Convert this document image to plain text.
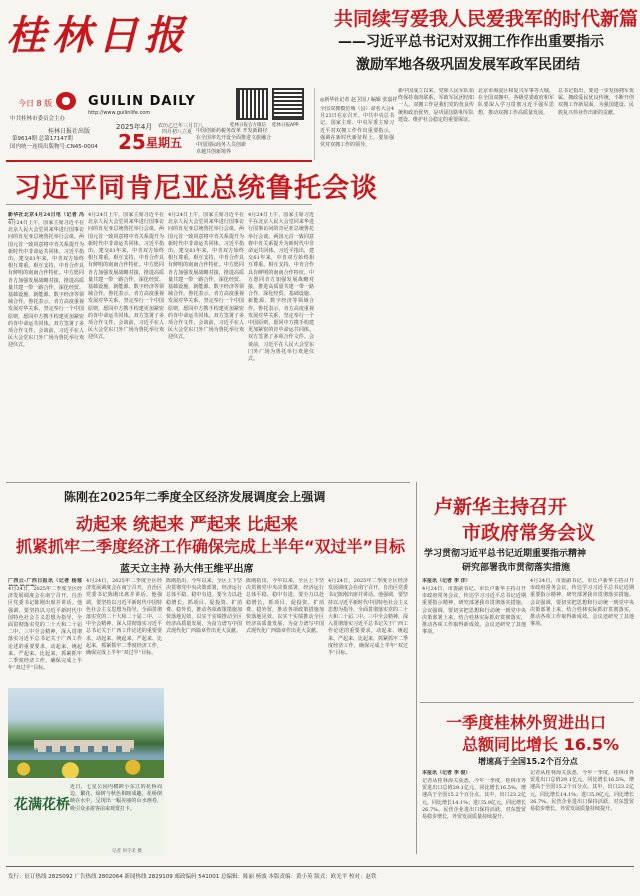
桂林日报
今日 8 版
中共桂林市委员会主办
GUILIN DAILY
http://www.guilinlife.com
桂林日报社出版
第9614期 总第17147期
国内统一连续出版物号:CN45-0004
2025年4月
25 星期五
农历乙巳年三月廿八
四月初八立夏
桂林日报官方微信 桂林日报APP
中国创新药税务改革 开发新路径
在全国率先开设全面推进文旅融合
中国国际商务人员创新
卓越共创新境界
共同续写爱我人民爱我军的时代新篇
——习近平总书记对双拥工作作出重要指示
激励军地各级巩固发展军政军民团结
◎新华社记者 赵卫国 / 编辑 张嘉祥
全国双拥模范城（县）命名大会4月23日在京召开。中共中央总书记、国家主席、中央军委主席习近平对双拥工作作出重要指示，强调在新时代新征程上，要加强党对双拥工作的领导。
新中国成立以来，党和人民军队始终保持血肉联系，军政军民团结如一人。双拥工作是我们党的优良传统和政治优势，是巩固国防和军队建设、维护社会稳定的重要保证。
北京市海淀区和复兴军事等大城，在全国双拥中。各级党委政府和军队要深入学习贯彻习近平强军思想，推动双拥工作高质量发展。
总书记指出，要进一步发扬拥军优属、拥政爱民优良传统，不断开创双拥工作新局面，为强国建设、民族复兴伟业作出新的贡献。
习近平同肯尼亚总统鲁托会谈
新华社北京4月24日电（记者 冯
4月24日上午，国家主席习近平在北京人民大会堂同来华进行国事访问的肯尼亚总统鲁托举行会谈。两国元首一致同意将中肯关系提升为新时代中非命运共同体。习近平指出，建交61年来，中肯双方始终相互尊重、相互支持，中肯合作具有鲜明的南南合作特征。中方愿同肯方加强发展战略对接，推进高质量共建一带一路合作，深化经贸、基础设施、新能源、数字经济等领域合作。鲁托表示，肯方高度重视发展对华关系，坚定奉行一个中国原则，愿同中方携手构建更加紧密的肯中命运共同体。双方签署了多项合作文件。会谈前，习近平在人民大会堂东门外广场为鲁托举行欢迎仪式。
4月24日上午，国家主席习近平在北京人民大会堂同来华进行国事访问的肯尼亚总统鲁托举行会谈。两国元首一致同意将中肯关系提升为新时代中非命运共同体。习近平指出，建交61年来，中肯双方始终相互尊重、相互支持，中肯合作具有鲜明的南南合作特征。中方愿同肯方加强发展战略对接，推进高质量共建一带一路合作，深化经贸、基础设施、新能源、数字经济等领域合作。鲁托表示，肯方高度重视发展对华关系，坚定奉行一个中国原则，愿同中方携手构建更加紧密的肯中命运共同体。双方签署了多项合作文件。会谈前，习近平在人民大会堂东门外广场为鲁托举行欢迎仪式。
4月24日上午，国家主席习近平在北京人民大会堂同来华进行国事访问的肯尼亚总统鲁托举行会谈。两国元首一致同意将中肯关系提升为新时代中非命运共同体。习近平指出，建交61年来，中肯双方始终相互尊重、相互支持，中肯合作具有鲜明的南南合作特征。中方愿同肯方加强发展战略对接，推进高质量共建一带一路合作，深化经贸、基础设施、新能源、数字经济等领域合作。鲁托表示，肯方高度重视发展对华关系，坚定奉行一个中国原则，愿同中方携手构建更加紧密的肯中命运共同体。双方签署了多项合作文件。会谈前，习近平在人民大会堂东门外广场为鲁托举行欢迎仪式。
4月24日上午，国家主席习近平在北京人民大会堂同来华进行国事访问的肯尼亚总统鲁托举行会谈。两国元首一致同意将中肯关系提升为新时代中非命运共同体。习近平指出，建交61年来，中肯双方始终相互尊重、相互支持，中肯合作具有鲜明的南南合作特征。中方愿同肯方加强发展战略对接，推进高质量共建一带一路合作，深化经贸、基础设施、新能源、数字经济等领域合作。鲁托表示，肯方高度重视发展对华关系，坚定奉行一个中国原则，愿同中方携手构建更加紧密的肯中命运共同体。双方签署了多项合作文件。会谈前，习近平在人民大会堂东门外广场为鲁托举行欢迎仪式。
陈刚在2025年二季度全区经济发展调度会上强调
动起来 统起来 严起来 比起来
抓紧抓牢二季度经济工作确保完成上半年“双过半”目标
蓝天立主持 孙大伟王维平出席
广西云-广西日报讯（记者 杨郁
4月24日，2025年二季度全区经济发展调度会在南宁召开，自治区党委书记陈刚出席并讲话。他强调，要坚持以习近平新时代中国特色社会主义思想为指导，全面贯彻落实党的二十大和二十届二中、三中全会精神，深入贯彻落实习近平总书记关于广西工作论述的重要要求，动起来、统起来、严起来、比起来，抓紧抓牢二季度经济工作，确保完成上半年“双过半”目标。
4月24日，2025年二季度全区经济发展调度会在南宁召开，自治区党委书记陈刚出席并讲话。他强调，要坚持以习近平新时代中国特色社会主义思想为指导，全面贯彻落实党的二十大和二十届二中、三中全会精神，深入贯彻落实习近平总书记关于广西工作论述的重要要求，动起来、统起来、严起来、比起来，抓紧抓牢二季度经济工作，确保完成上半年“双过半”目标。
陈刚指出，今年以来，全区上下坚决贯彻党中央决策部署，经济运行总体平稳、稳中有进。要全力以赴稳增长，抓项目、促投资、扩消费、稳外贸，推动各项政策措施加快落地见效，以实干实绩推动全区经济高质量发展，为奋力谱写中国式现代化广西篇章作出更大贡献。
陈刚指出，今年以来，全区上下坚决贯彻党中央决策部署，经济运行总体平稳、稳中有进。要全力以赴稳增长，抓项目、促投资、扩消费、稳外贸，推动各项政策措施加快落地见效，以实干实绩推动全区经济高质量发展，为奋力谱写中国式现代化广西篇章作出更大贡献。
4月24日，2025年二季度全区经济发展调度会在南宁召开，自治区党委书记陈刚出席并讲话。他强调，要坚持以习近平新时代中国特色社会主义思想为指导，全面贯彻落实党的二十大和二十届二中、三中全会精神，深入贯彻落实习近平总书记关于广西工作论述的重要要求，动起来、统起来、严起来、比起来，抓紧抓牢二季度经济工作，确保完成上半年“双过半”目标。
花满花桥
近日，七星公园内横跨小东江的花桥周边，繁花、绿树与秋色相映成趣，花桥倒映在水中，呈现出一幅美丽的山水画卷，吸引众多游客前来观赏打卡。
记者 何千禾 摄
卢新华主持召开
市政府常务会议
学习贯彻习近平总书记近期重要指示精神
研究部署我市贯彻落实措施
本报讯（记者 李 洋）
4月24日，市委副书记、市长卢新华主持召开市政府常务会议，传达学习习近平总书记近期重要指示精神，研究部署我市贯彻落实措施。会议强调，要切实把思想和行动统一到党中央决策部署上来，结合桂林实际抓好贯彻落实，推动各项工作取得新成效。会议还研究了其他事项。
4月24日，市委副书记、市长卢新华主持召开市政府常务会议，传达学习习近平总书记近期重要指示精神，研究部署我市贯彻落实措施。会议强调，要切实把思想和行动统一到党中央决策部署上来，结合桂林实际抓好贯彻落实，推动各项工作取得新成效。会议还研究了其他事项。
一季度桂林外贸进出口
总额同比增长 16.5%
增速高于全国15.2个百分点
本报讯（记者 李 俊）
记者从桂林海关获悉，今年一季度，桂林市外贸进出口总值29.1亿元，同比增长16.5%，增速高于全国15.2个百分点。其中，出口23.2亿元，同比增长14.1%；进口5.9亿元，同比增长26.7%。民营企业进出口保持活跃，对东盟贸易稳步增长，外贸发展质量持续提升。
记者从桂林海关获悉，今年一季度，桂林市外贸进出口总值29.1亿元，同比增长16.5%，增速高于全国15.2个百分点。其中，出口23.2亿元，同比增长14.1%；进口5.9亿元，同比增长26.7%。民营企业进出口保持活跃，对东盟贸易稳步增长，外贸发展质量持续提升。
发行：征订热线 2825092 广告热线 2802064 新闻热线 2829109 邮政编码 541001 总编辑：陈丽 杨波 本版责编：黄小英 版式：欧光平 校对：赵铁
